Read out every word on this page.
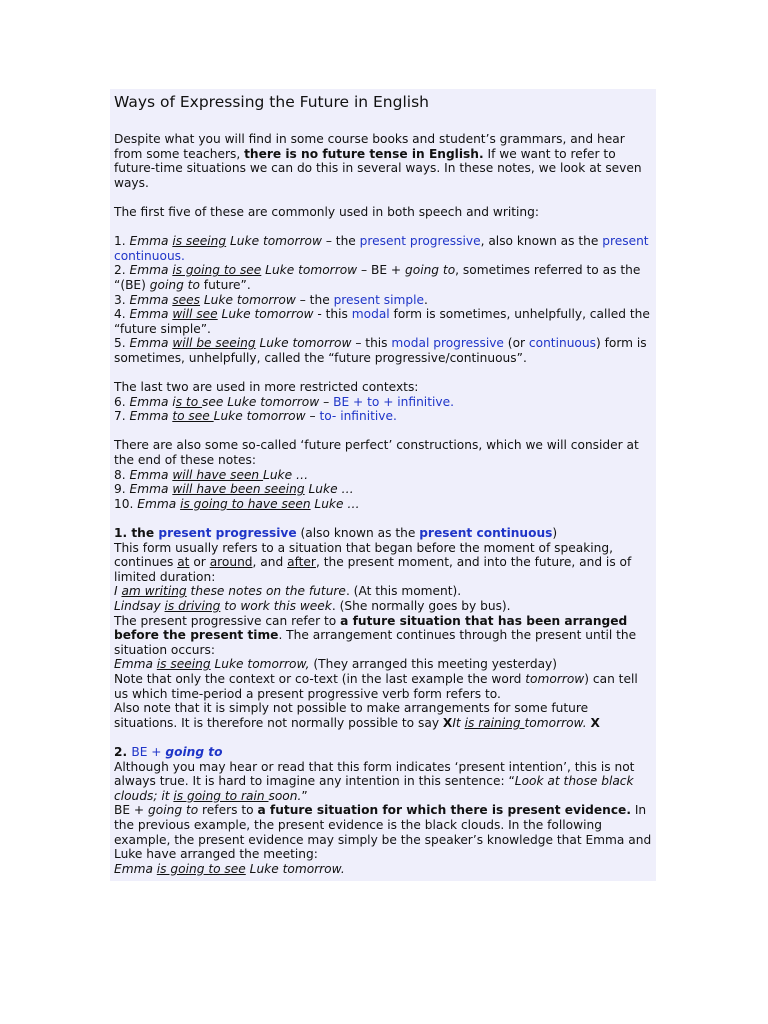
Ways of Expressing the Future in English

Despite what you will find in some course books and student’s grammars, and hear from some teachers, there is no future tense in English. If we want to refer to future-time situations we can do this in several ways. In these notes, we look at seven ways.

The first five of these are commonly used in both speech and writing:

1. Emma is seeing Luke tomorrow – the present progressive, also known as the present continuous.

2. Emma is going to see Luke tomorrow – BE + going to, sometimes referred to as the “(BE) going to future”.

3. Emma sees Luke tomorrow – the present simple.

4. Emma will see Luke tomorrow - this modal form is sometimes, unhelpfully, called the “future simple”.

5. Emma will be seeing Luke tomorrow – this modal progressive (or continuous) form is sometimes, unhelpfully, called the “future progressive/continuous”.

The last two are used in more restricted contexts:

6. Emma is to see Luke tomorrow – BE + to + infinitive.

7. Emma to see Luke tomorrow – to- infinitive.

There are also some so-called ‘future perfect’ constructions, which we will consider at the end of these notes:

8. Emma will have seen Luke …

9. Emma will have been seeing Luke …

10. Emma is going to have seen Luke …

1. the present progressive (also known as the present continuous)

This form usually refers to a situation that began before the moment of speaking, continues at or around, and after, the present moment, and into the future, and is of limited duration:

I am writing these notes on the future. (At this moment).

Lindsay is driving to work this week. (She normally goes by bus).

The present progressive can refer to a future situation that has been arranged before the present time. The arrangement continues through the present until the situation occurs:

Emma is seeing Luke tomorrow, (They arranged this meeting yesterday)

Note that only the context or co-text (in the last example the word tomorrow) can tell us which time-period a present progressive verb form refers to.

Also note that it is simply not possible to make arrangements for some future situations. It is therefore not normally possible to say XIt is raining tomorrow. X

2. BE + going to

Although you may hear or read that this form indicates ‘present intention’, this is not always true. It is hard to imagine any intention in this sentence: “Look at those black clouds; it is going to rain soon.”

BE + going to refers to a future situation for which there is present evidence. In the previous example, the present evidence is the black clouds. In the following example, the present evidence may simply be the speaker’s knowledge that Emma and Luke have arranged the meeting:

Emma is going to see Luke tomorrow.
